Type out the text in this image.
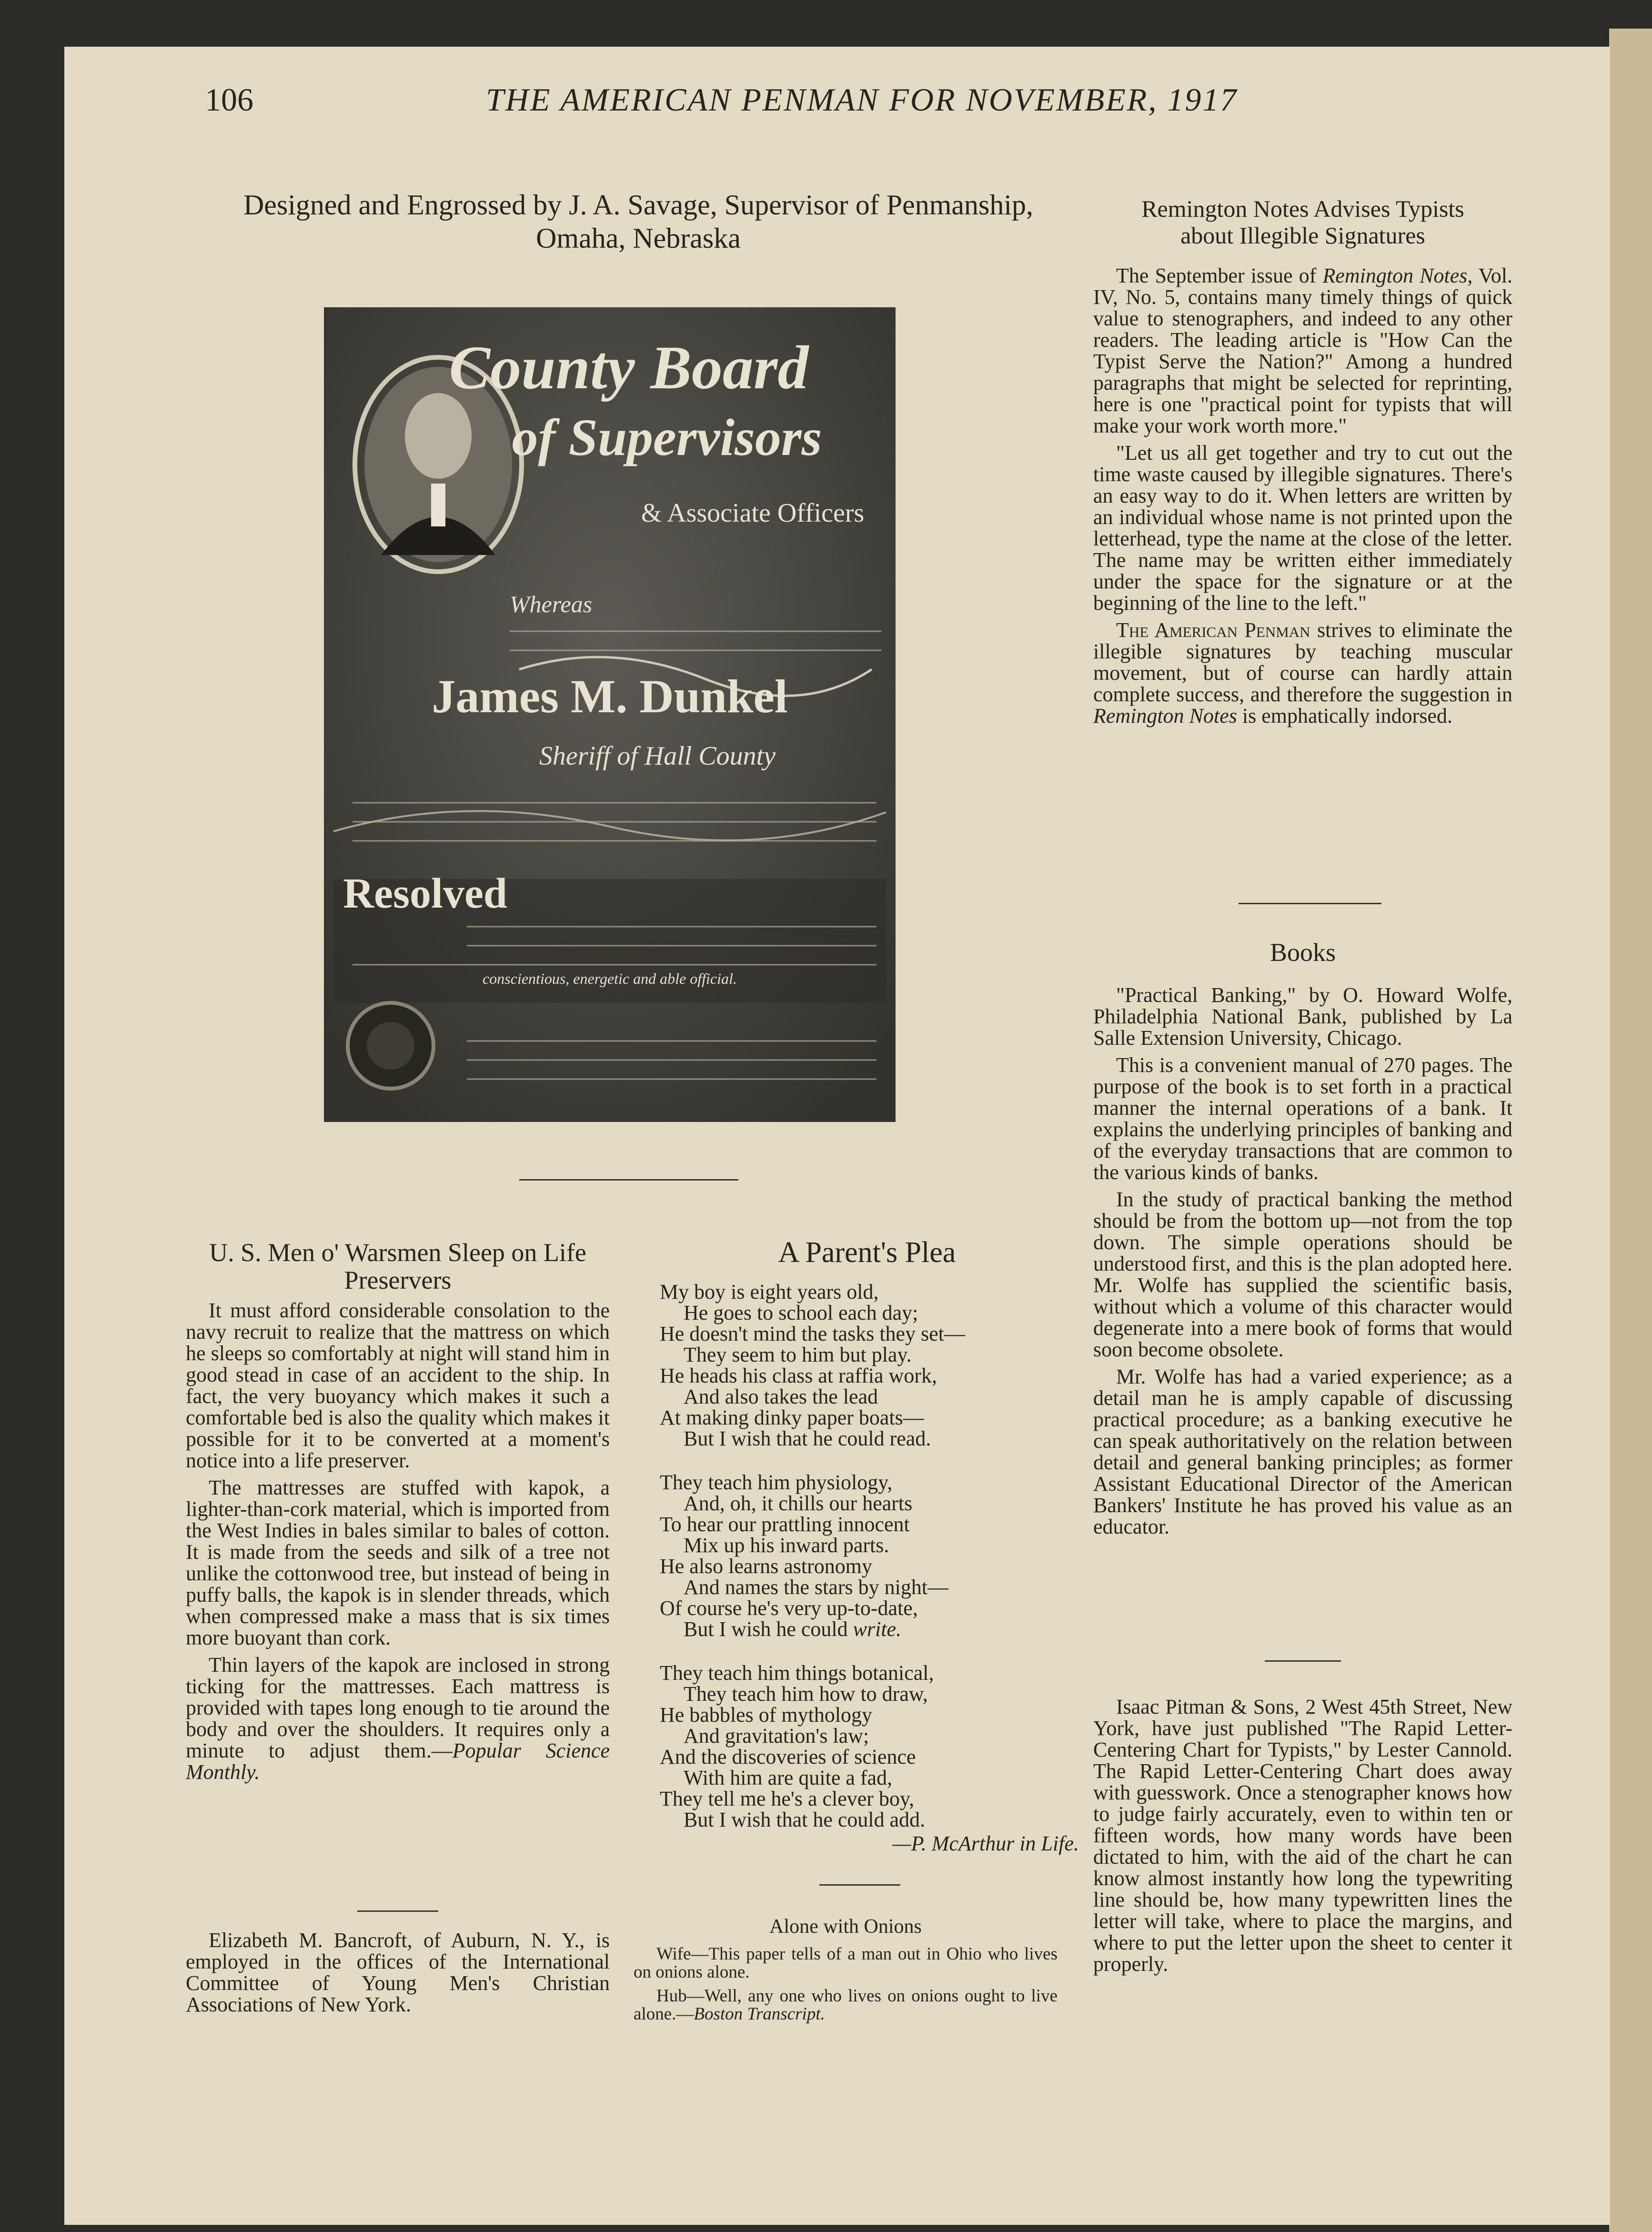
106	THE AMERICAN PENMAN FOR NOVEMBER, 1917
Designed and Engrossed by J. A. Savage, Supervisor of Penmanship,
Omaha, Nebraska
County Board
of Supervisors
& Associate Officers
Whereas
James M. Dunkel
Sheriff of Hall County
Resolved
conscientious, energetic and able official.
U. S. Men o' Warsmen Sleep on Life
Preservers

It must afford considerable consolation to the navy recruit to realize that the mattress on which he sleeps so comfortably at night will stand him in good stead in case of an accident to the ship. In fact, the very buoyancy which makes it such a comfortable bed is also the quality which makes it possible for it to be converted at a moment's notice into a life preserver.

The mattresses are stuffed with kapok, a lighter-than-cork material, which is imported from the West Indies in bales similar to bales of cotton. It is made from the seeds and silk of a tree not unlike the cottonwood tree, but instead of being in puffy balls, the kapok is in slender threads, which when compressed make a mass that is six times more buoyant than cork.

Thin layers of the kapok are inclosed in strong ticking for the mattresses. Each mattress is provided with tapes long enough to tie around the body and over the shoulders. It requires only a minute to adjust them.—Popular Science Monthly.

Elizabeth M. Bancroft, of Auburn, N. Y., is employed in the offices of the International Committee of Young Men's Christian Associations of New York.

A Parent's Plea
My boy is eight years old,
He goes to school each day;
He doesn't mind the tasks they set—
They seem to him but play.
He heads his class at raffia work,
And also takes the lead
At making dinky paper boats—
But I wish that he could read.
They teach him physiology,
And, oh, it chills our hearts
To hear our prattling innocent
Mix up his inward parts.
He also learns astronomy
And names the stars by night—
Of course he's very up-to-date,
But I wish he could write.
They teach him things botanical,
They teach him how to draw,
He babbles of mythology
And gravitation's law;
And the discoveries of science
With him are quite a fad,
They tell me he's a clever boy,
But I wish that he could add.
—P. McArthur in Life.
Alone with Onions

Wife—This paper tells of a man out in Ohio who lives on onions alone.

Hub—Well, any one who lives on onions ought to live alone.—Boston Transcript.

Remington Notes Advises Typists
about Illegible Signatures

The September issue of Remington Notes, Vol. IV, No. 5, contains many timely things of quick value to stenographers, and indeed to any other readers. The leading article is "How Can the Typist Serve the Nation?" Among a hundred paragraphs that might be selected for reprinting, here is one "practical point for typists that will make your work worth more."

"Let us all get together and try to cut out the time waste caused by illegible signatures. There's an easy way to do it. When letters are written by an individual whose name is not printed upon the letterhead, type the name at the close of the letter. The name may be written either immediately under the space for the signature or at the beginning of the line to the left."

The American Penman strives to eliminate the illegible signatures by teaching muscular movement, but of course can hardly attain complete success, and therefore the suggestion in Remington Notes is emphatically indorsed.

Books

"Practical Banking," by O. Howard Wolfe, Philadelphia National Bank, published by La Salle Extension University, Chicago.

This is a convenient manual of 270 pages. The purpose of the book is to set forth in a practical manner the internal operations of a bank. It explains the underlying principles of banking and of the everyday transactions that are common to the various kinds of banks.

In the study of practical banking the method should be from the bottom up—not from the top down. The simple operations should be understood first, and this is the plan adopted here. Mr. Wolfe has supplied the scientific basis, without which a volume of this character would degenerate into a mere book of forms that would soon become obsolete.

Mr. Wolfe has had a varied experience; as a detail man he is amply capable of discussing practical procedure; as a banking executive he can speak authoritatively on the relation between detail and general banking principles; as former Assistant Educational Director of the American Bankers' Institute he has proved his value as an educator.

Isaac Pitman & Sons, 2 West 45th Street, New York, have just published "The Rapid Letter-Centering Chart for Typists," by Lester Cannold. The Rapid Letter-Centering Chart does away with guesswork. Once a stenographer knows how to judge fairly accurately, even to within ten or fifteen words, how many words have been dictated to him, with the aid of the chart he can know almost instantly how long the typewriting line should be, how many typewritten lines the letter will take, where to place the margins, and where to put the letter upon the sheet to center it properly.
